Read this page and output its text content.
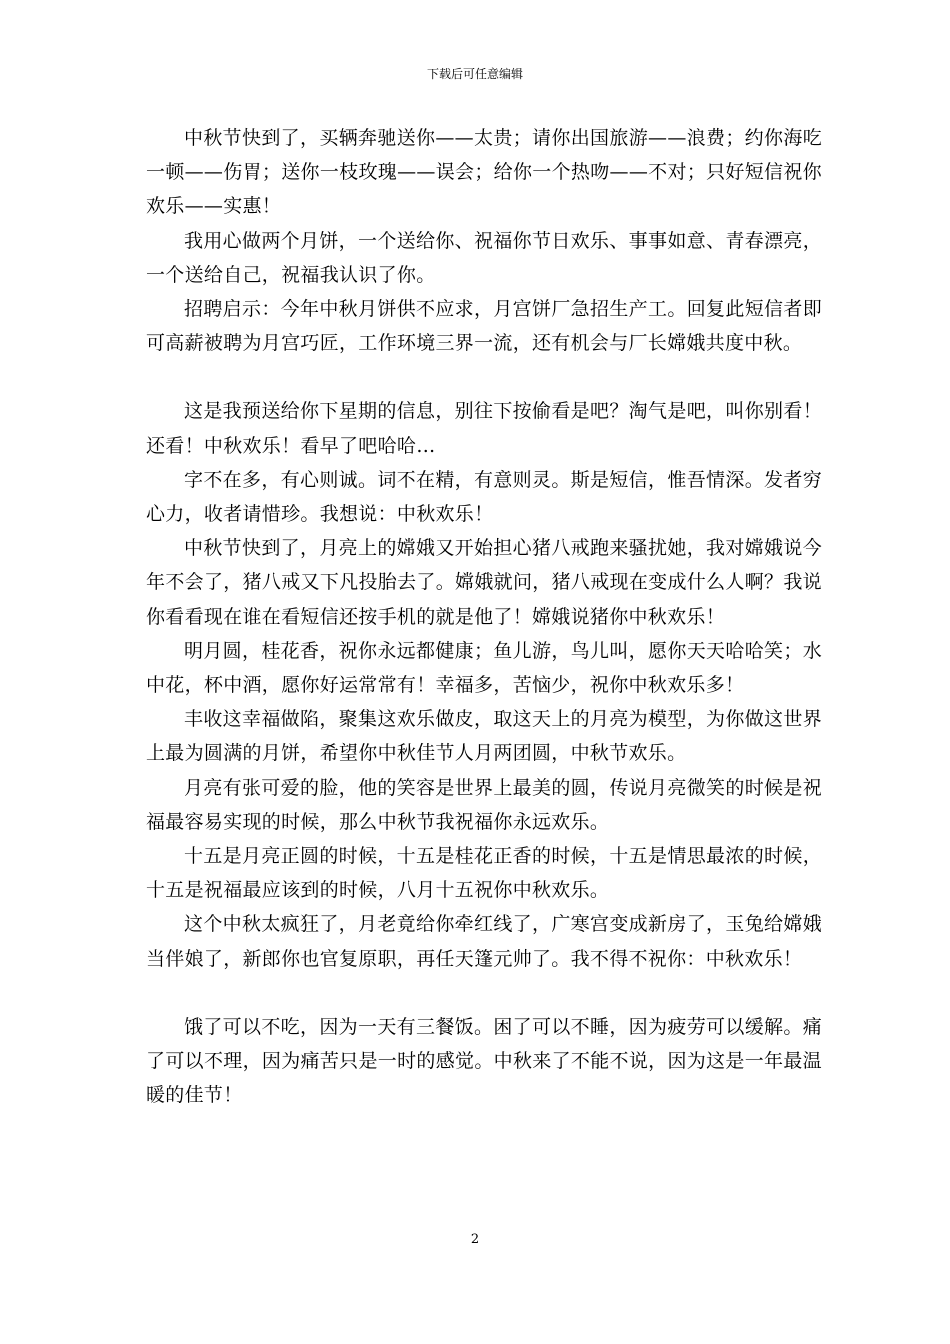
下载后可任意编辑

中秋节快到了，买辆奔驰送你——太贵；请你出国旅游——浪费；约你海吃一顿——伤胃；送你一枝玫瑰——误会；给你一个热吻——不对；只好短信祝你欢乐——实惠！

我用心做两个月饼，一个送给你、祝福你节日欢乐、事事如意、青春漂亮，一个送给自己，祝福我认识了你。

招聘启示：今年中秋月饼供不应求，月宫饼厂急招生产工。回复此短信者即可高薪被聘为月宫巧匠，工作环境三界一流，还有机会与厂长嫦娥共度中秋。

这是我预送给你下星期的信息，别往下按偷看是吧？淘气是吧，叫你别看！还看！中秋欢乐！看早了吧哈哈…

字不在多，有心则诚。词不在精，有意则灵。斯是短信，惟吾情深。发者穷心力，收者请惜珍。我想说：中秋欢乐！

中秋节快到了，月亮上的嫦娥又开始担心猪八戒跑来骚扰她，我对嫦娥说今年不会了，猪八戒又下凡投胎去了。嫦娥就问，猪八戒现在变成什么人啊？我说你看看现在谁在看短信还按手机的就是他了！嫦娥说猪你中秋欢乐！

明月圆，桂花香，祝你永远都健康；鱼儿游，鸟儿叫，愿你天天哈哈笑；水中花，杯中酒，愿你好运常常有！幸福多，苦恼少，祝你中秋欢乐多！

丰收这幸福做陷，聚集这欢乐做皮，取这天上的月亮为模型，为你做这世界上最为圆满的月饼，希望你中秋佳节人月两团圆，中秋节欢乐。

月亮有张可爱的脸，他的笑容是世界上最美的圆，传说月亮微笑的时候是祝福最容易实现的时候，那么中秋节我祝福你永远欢乐。

十五是月亮正圆的时候，十五是桂花正香的时候，十五是情思最浓的时候，十五是祝福最应该到的时候，八月十五祝你中秋欢乐。

这个中秋太疯狂了，月老竟给你牵红线了，广寒宫变成新房了，玉兔给嫦娥当伴娘了，新郎你也官复原职，再任天篷元帅了。我不得不祝你：中秋欢乐！

饿了可以不吃，因为一天有三餐饭。困了可以不睡，因为疲劳可以缓解。痛了可以不理，因为痛苦只是一时的感觉。中秋来了不能不说，因为这是一年最温暖的佳节！

2
